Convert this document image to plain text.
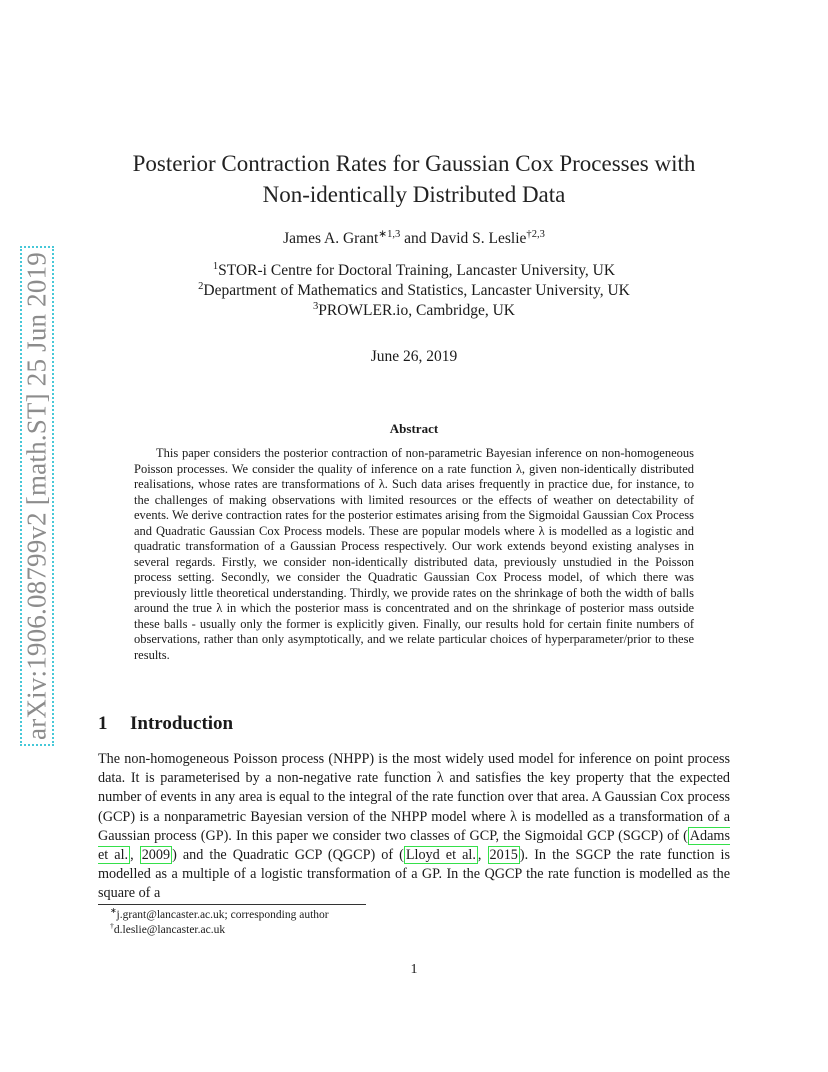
arXiv:1906.08799v2 [math.ST] 25 Jun 2019
Posterior Contraction Rates for Gaussian Cox Processes with
Non-identically Distributed Data
James A. Grant$^{∗1,3}$ and David S. Leslie$^{\dagger 2,3}$
$^1$STOR-i Centre for Doctoral Training, Lancaster University, UK
$^2$Department of Mathematics and Statistics, Lancaster University, UK
$^3$PROWLER.io, Cambridge, UK
June 26, 2019
Abstract

This paper considers the posterior contraction of non-parametric Bayesian inference on non-homogeneous Poisson processes. We consider the quality of inference on a rate function λ, given non-identically distributed realisations, whose rates are transformations of λ. Such data arises frequently in practice due, for instance, to the challenges of making observations with limited resources or the effects of weather on detectability of events. We derive contraction rates for the posterior estimates arising from the Sigmoidal Gaussian Cox Process and Quadratic Gaussian Cox Process models. These are popular models where λ is modelled as a logistic and quadratic transformation of a Gaussian Process respectively. Our work extends beyond existing analyses in several regards. Firstly, we consider non-identically distributed data, previously unstudied in the Poisson process setting. Secondly, we consider the Quadratic Gaussian Cox Process model, of which there was previously little theoretical understanding. Thirdly, we provide rates on the shrinkage of both the width of balls around the true λ in which the posterior mass is concentrated and on the shrinkage of posterior mass outside these balls - usually only the former is explicitly given. Finally, our results hold for certain finite numbers of observations, rather than only asymptotically, and we relate particular choices of hyperparameter/prior to these results.

1 Introduction

The non-homogeneous Poisson process (NHPP) is the most widely used model for inference on point process data. It is parameterised by a non-negative rate function λ and satisfies the key property that the expected number of events in any area is equal to the integral of the rate function over that area. A Gaussian Cox process (GCP) is a nonparametric Bayesian version of the NHPP model where λ is modelled as a transformation of a Gaussian process (GP). In this paper we consider two classes of GCP, the Sigmoidal GCP (SGCP) of ( Adams et al. , 2009 ) and the Quadratic GCP (QGCP) of ( Lloyd et al. , 2015 ). In the SGCP the rate function is modelled as a multiple of a logistic transformation of a GP. In the QGCP the rate function is modelled as the square of a

∗j.grant@lancaster.ac.uk; corresponding author
†d.leslie@lancaster.ac.uk
1
